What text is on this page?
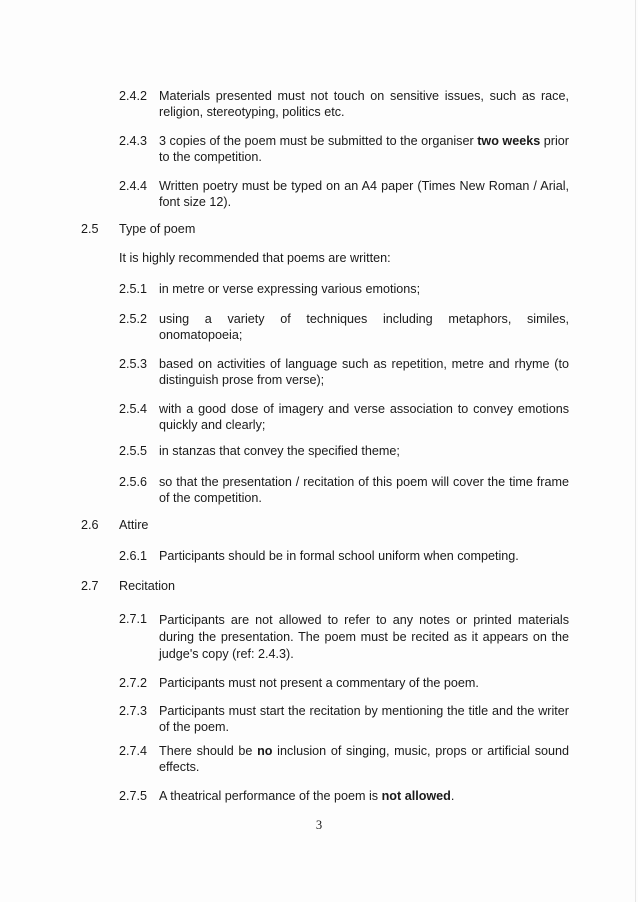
2.4.2 Materials presented must not touch on sensitive issues, such as race, religion, stereotyping, politics etc.
2.4.3 3 copies of the poem must be submitted to the organiser two weeks prior to the competition.
2.4.4 Written poetry must be typed on an A4 paper (Times New Roman / Arial, font size 12).
2.5 Type of poem
It is highly recommended that poems are written:
2.5.1 in metre or verse expressing various emotions;
2.5.2 using a variety of techniques including metaphors, similes, onomatopoeia;
2.5.3 based on activities of language such as repetition, metre and rhyme (to distinguish prose from verse);
2.5.4 with a good dose of imagery and verse association to convey emotions quickly and clearly;
2.5.5 in stanzas that convey the specified theme;
2.5.6 so that the presentation / recitation of this poem will cover the time frame of the competition.
2.6 Attire
2.6.1 Participants should be in formal school uniform when competing.
2.7 Recitation
2.7.1 Participants are not allowed to refer to any notes or printed materials during the presentation. The poem must be recited as it appears on the judge's copy (ref: 2.4.3).
2.7.2 Participants must not present a commentary of the poem.
2.7.3 Participants must start the recitation by mentioning the title and the writer of the poem.
2.7.4 There should be no inclusion of singing, music, props or artificial sound effects.
2.7.5 A theatrical performance of the poem is not allowed.
3
